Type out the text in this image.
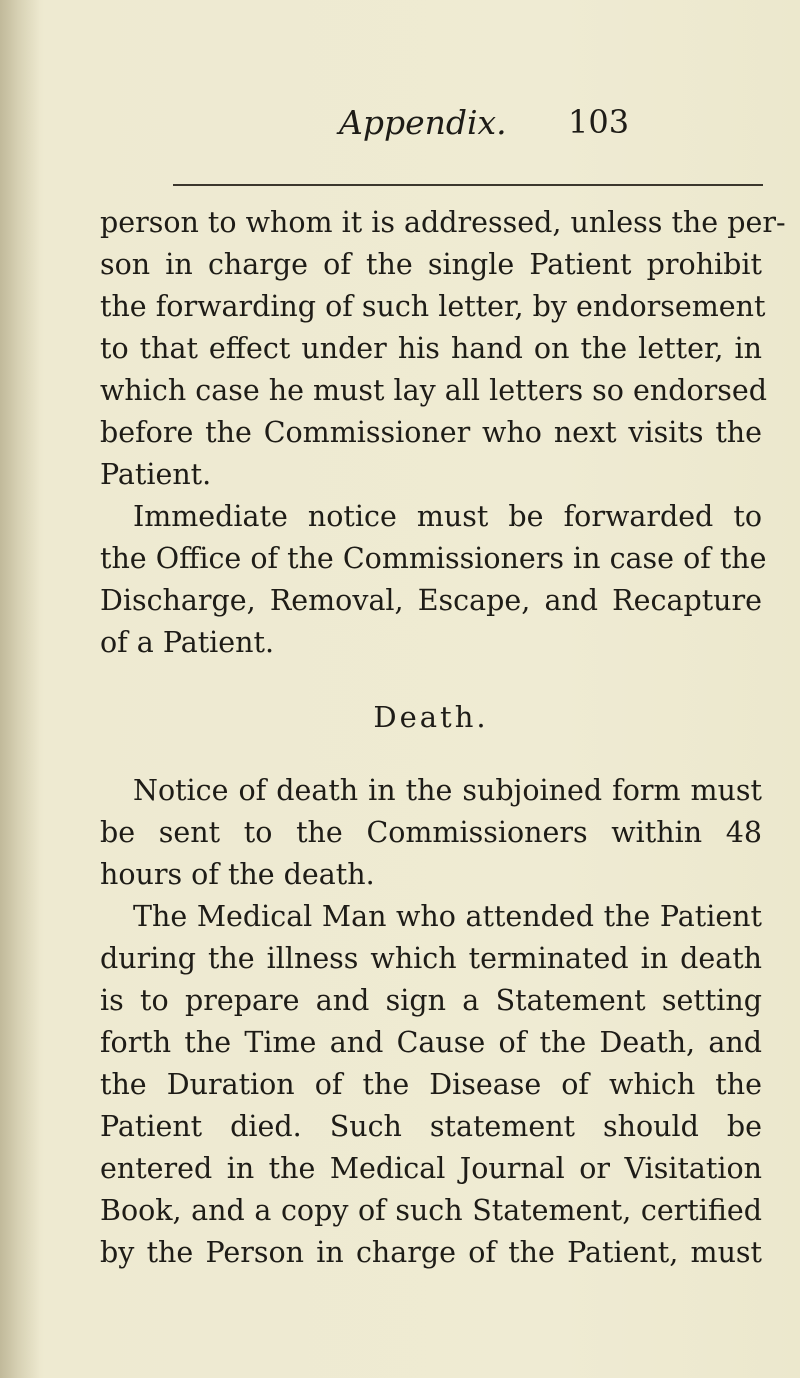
Appendix. 103
person to whom it is addressed, unless the per-
son in charge of the single Patient prohibit
the forwarding of such letter, by endorsement
to that effect under his hand on the letter, in
which case he must lay all letters so endorsed
before the Commissioner who next visits the
Patient.
Immediate notice must be forwarded to
the Office of the Commissioners in case of the
Discharge, Removal, Escape, and Recapture
of a Patient.
Death.
Notice of death in the subjoined form must
be sent to the Commissioners within 48
hours of the death.
The Medical Man who attended the Patient
during the illness which terminated in death
is to prepare and sign a Statement setting
forth the Time and Cause of the Death, and
the Duration of the Disease of which the
Patient died. Such statement should be
entered in the Medical Journal or Visitation
Book, and a copy of such Statement, certified
by the Person in charge of the Patient, must
